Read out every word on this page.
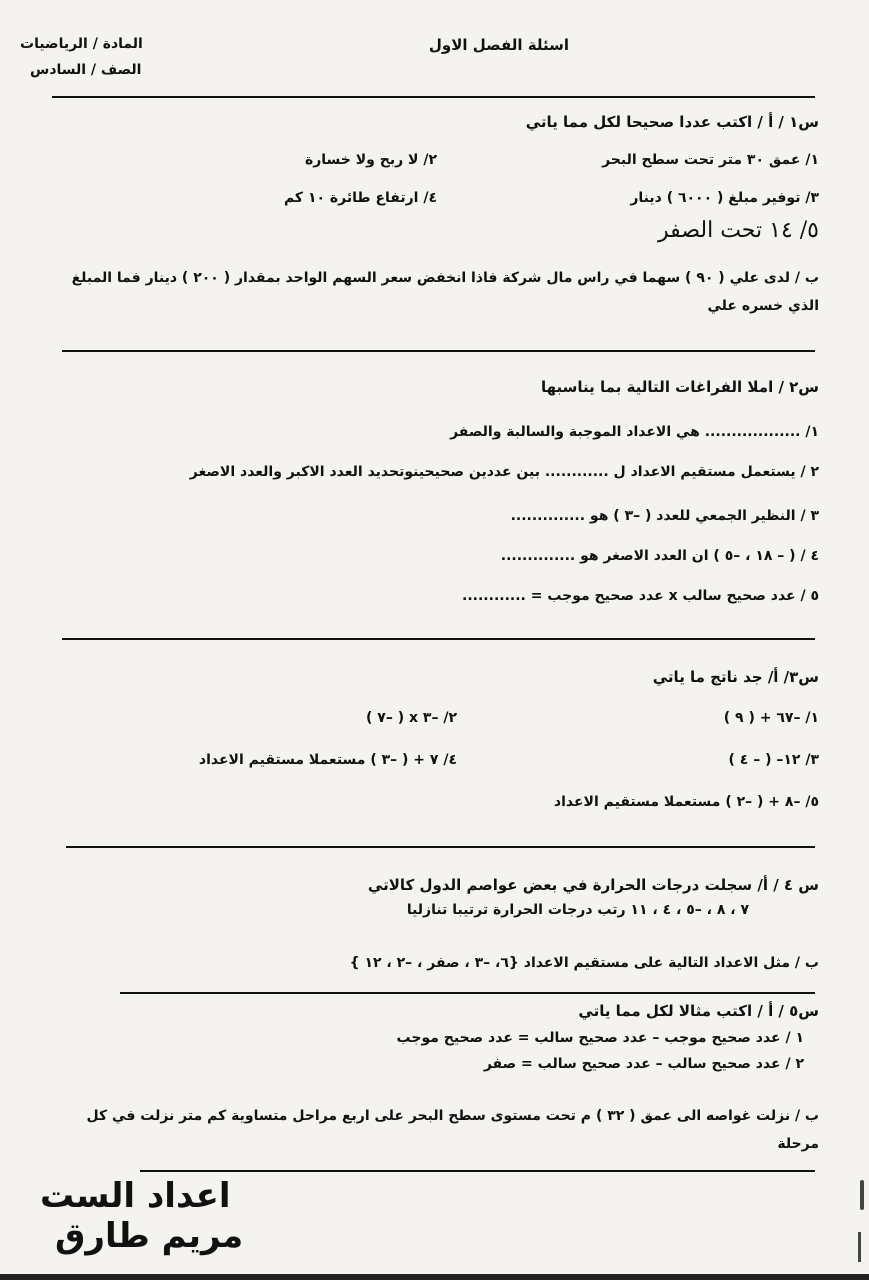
اسئلة الفصل الاول
المادة / الرياضيات
الصف / السادس
س١ / أ / اكتب عددا صحيحا لكل مما ياتي
١/ عمق ٣٠ متر تحت سطح البحر
٢/ لا ربح ولا خسارة
٣/ توفير مبلغ ( ٦٠٠٠ ) دينار
٤/ ارتفاع طائرة ١٠ كم
٥/ ١٤ تحت الصفر
ب / لدى علي ( ٩٠ ) سهما في راس مال شركة فاذا انخفض سعر السهم الواحد بمقدار ( ٢٠٠ ) دينار فما المبلغ
الذي خسره علي
س٢ / املا الفراغات التالية بما يناسبها
١/ .................. هي الاعداد الموجبة والسالبة والصفر
٢ / يستعمل مستقيم الاعداد ل ............ بين عددين صحيحينوتحديد العدد الاكبر والعدد الاصغر
٣ / النظير الجمعي للعدد ( –٣ ) هو ..............
٤ / ( – ١٨ ، –٥ ) ان العدد الاصغر هو ..............
٥ / عدد صحيح سالب x عدد صحيح موجب = ............
س٣/ أ/ جد ناتج ما ياتي
١/ –٦٧ + ( ٩ )
٢/ –٣ x ( –٧ )
٣/ ١٢– ( – ٤ )
٤/ ٧ + ( –٣ ) مستعملا مستقيم الاعداد
٥/ –٨ + ( –٢ ) مستعملا مستقيم الاعداد
س ٤ / أ/ سجلت درجات الحرارة في بعض عواصم الدول كالاتي
٧ ، ٨ ، –٥ ، ٤ ، ١١ رتب درجات الحرارة ترتيبا تنازليا
ب / مثل الاعداد التالية على مستقيم الاعداد {٦، –٣ ، صفر ، –٢ ، ١٢ }
س٥ / أ / اكتب مثالا لكل مما ياتي
١ / عدد صحيح موجب – عدد صحيح سالب = عدد صحيح موجب
٢ / عدد صحيح سالب – عدد صحيح سالب = صفر
ب / نزلت غواصه الى عمق ( ٣٢ ) م تحت مستوى سطح البحر على اربع مراحل متساوية كم متر نزلت في كل
مرحلة
اعداد الست
مريم طارق
